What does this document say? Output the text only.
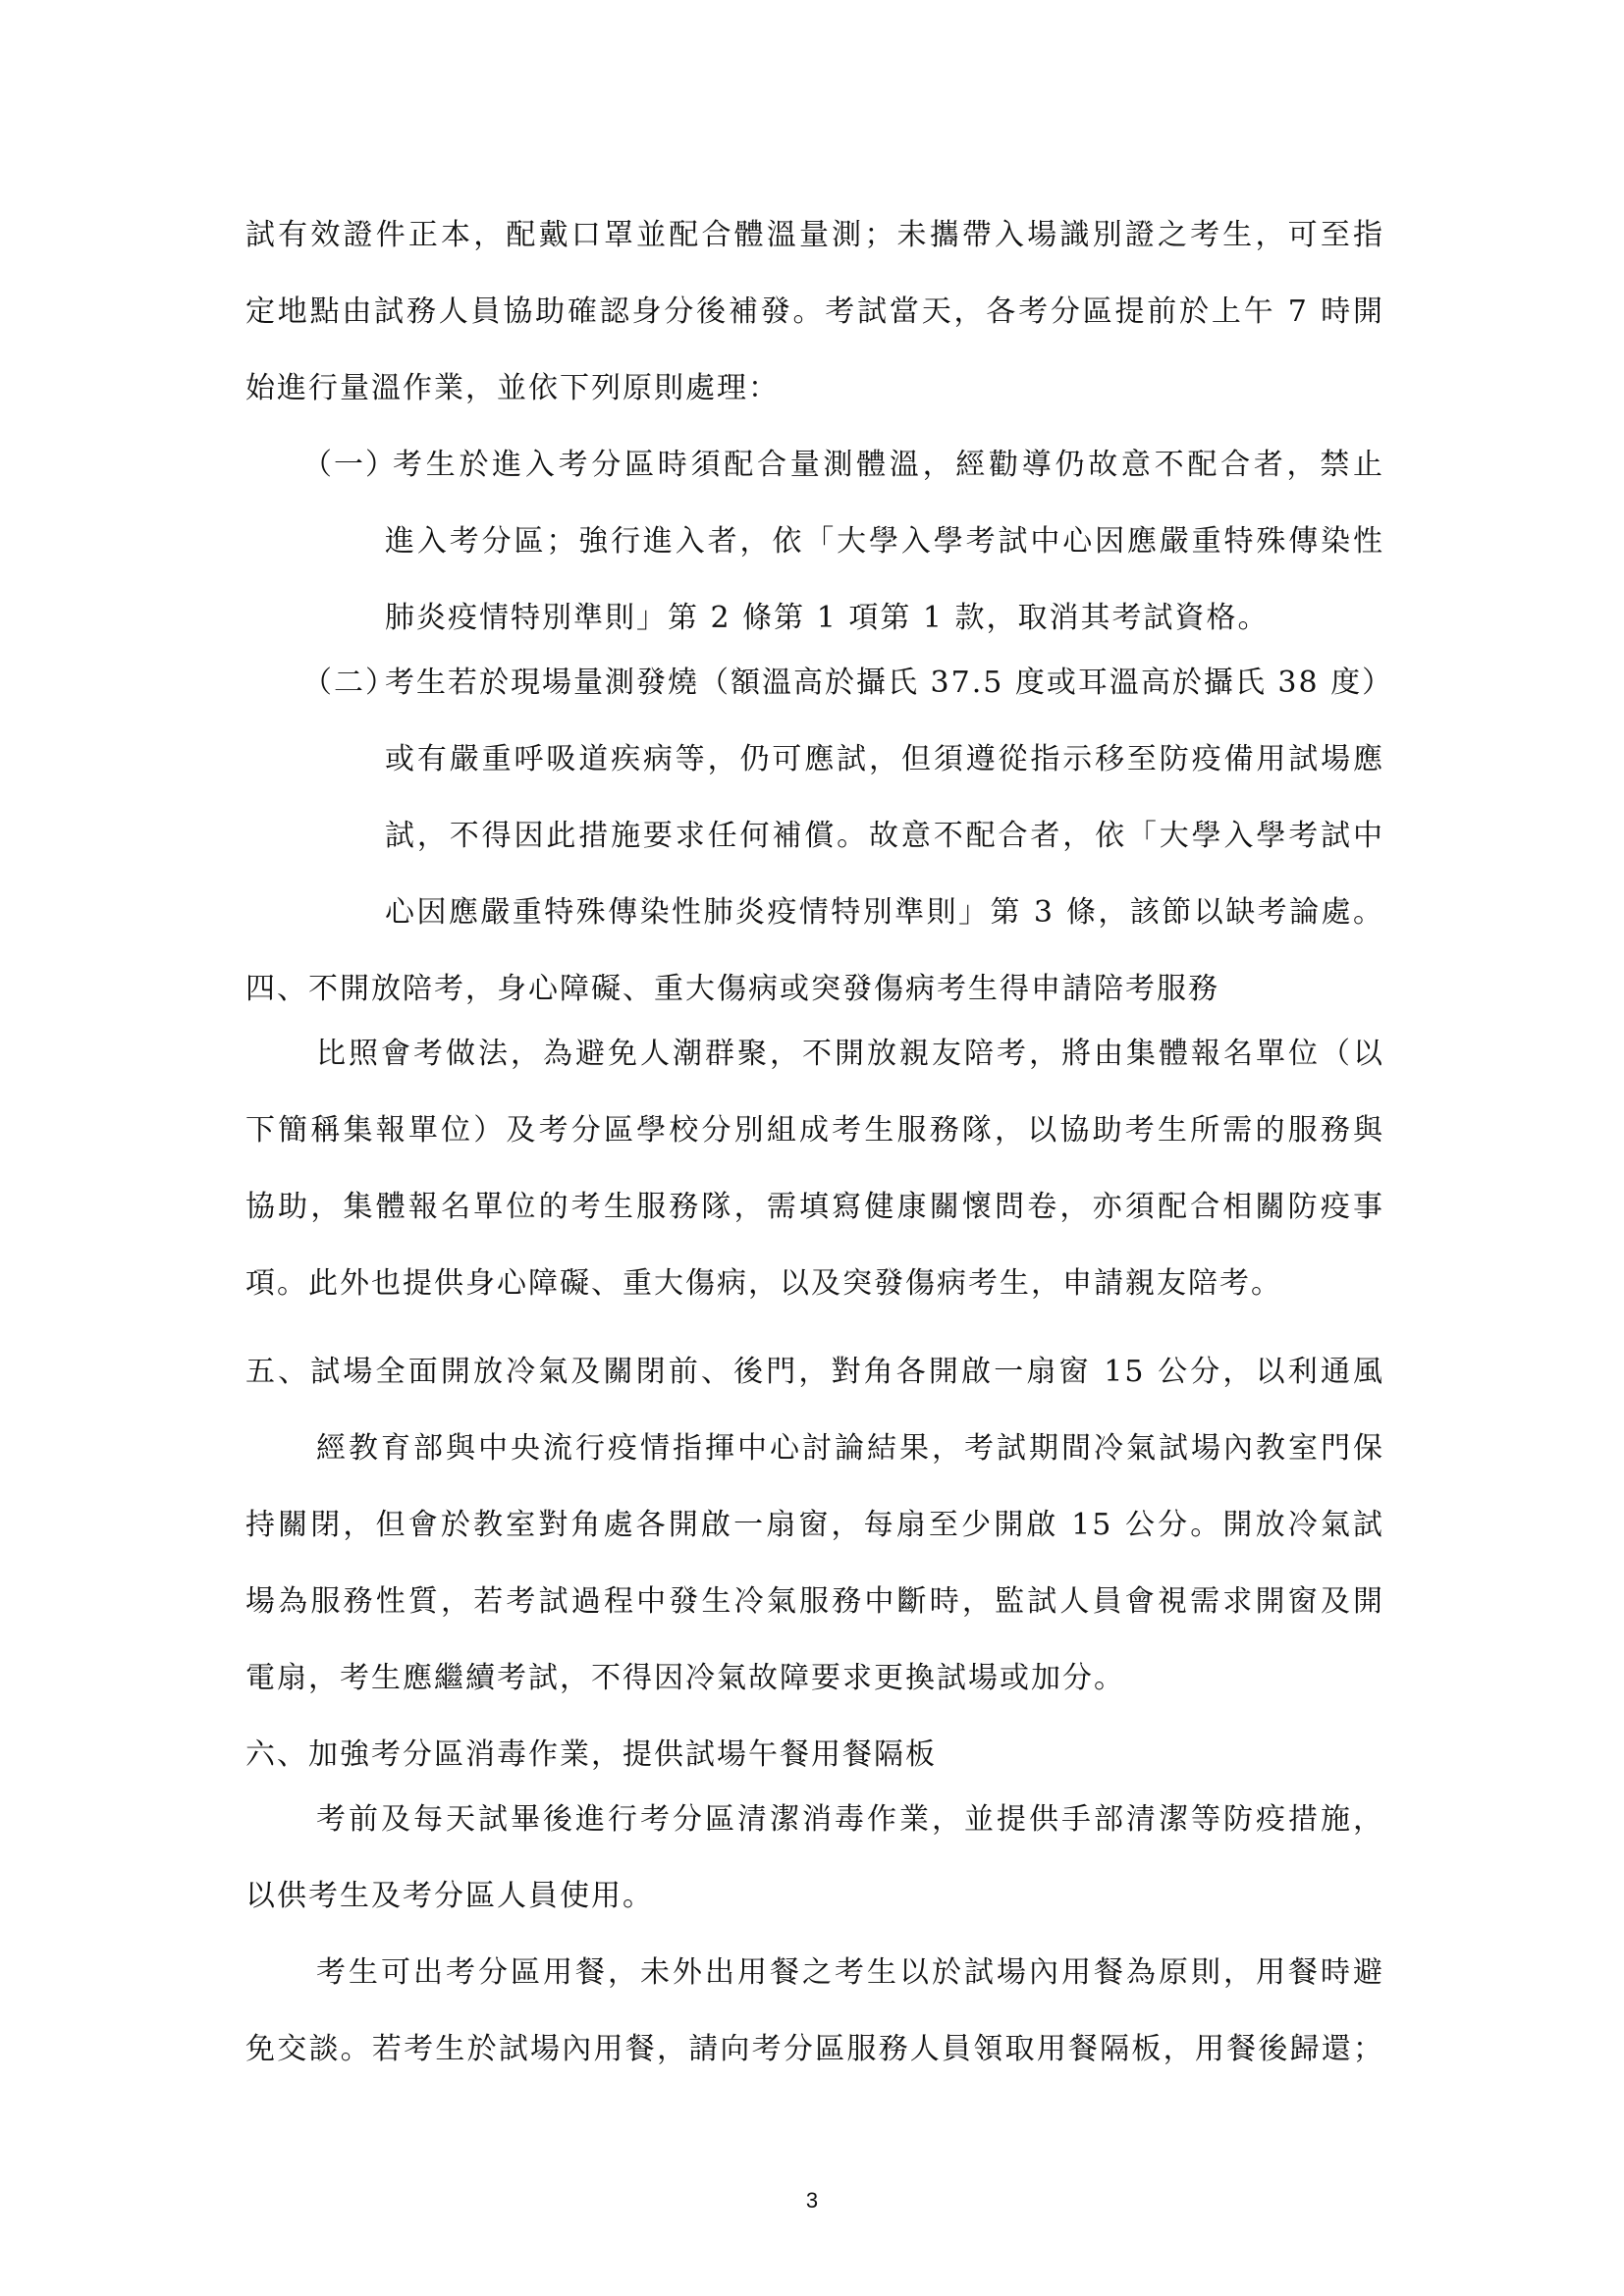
試有效證件正本，配戴口罩並配合體溫量測；未攜帶入場識別證之考生，可至指
定地點由試務人員協助確認身分後補發。考試當天，各考分區提前於上午 7 時開
始進行量溫作業，並依下列原則處理：
（一）
考生於進入考分區時須配合量測體溫，經勸導仍故意不配合者，禁止
進入考分區；強行進入者，依「大學入學考試中心因應嚴重特殊傳染性
肺炎疫情特別準則」第 2 條第 1 項第 1 款，取消其考試資格。
（二）
考生若於現場量測發燒（額溫高於攝氏 37.5 度或耳溫高於攝氏 38 度）
或有嚴重呼吸道疾病等，仍可應試，但須遵從指示移至防疫備用試場應
試，不得因此措施要求任何補償。故意不配合者，依「大學入學考試中
心因應嚴重特殊傳染性肺炎疫情特別準則」第 3 條，該節以缺考論處。
四、不開放陪考，身心障礙、重大傷病或突發傷病考生得申請陪考服務
比照會考做法，為避免人潮群聚，不開放親友陪考，將由集體報名單位（以
下簡稱集報單位）及考分區學校分別組成考生服務隊，以協助考生所需的服務與
協助，集體報名單位的考生服務隊，需填寫健康關懷問卷，亦須配合相關防疫事
項。此外也提供身心障礙、重大傷病，以及突發傷病考生，申請親友陪考。
五、試場全面開放冷氣及關閉前、後門，對角各開啟一扇窗 15 公分，以利通風
經教育部與中央流行疫情指揮中心討論結果，考試期間冷氣試場內教室門保
持關閉，但會於教室對角處各開啟一扇窗，每扇至少開啟 15 公分。開放冷氣試
場為服務性質，若考試過程中發生冷氣服務中斷時，監試人員會視需求開窗及開
電扇，考生應繼續考試，不得因冷氣故障要求更換試場或加分。
六、加強考分區消毒作業，提供試場午餐用餐隔板
考前及每天試畢後進行考分區清潔消毒作業，並提供手部清潔等防疫措施，
以供考生及考分區人員使用。
考生可出考分區用餐，未外出用餐之考生以於試場內用餐為原則，用餐時避
免交談。若考生於試場內用餐，請向考分區服務人員領取用餐隔板，用餐後歸還；
3
